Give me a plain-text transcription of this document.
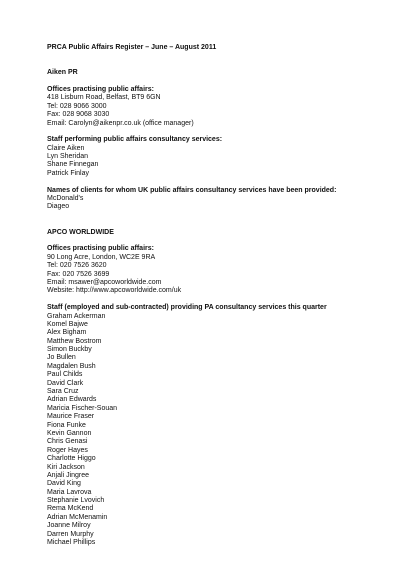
PRCA Public Affairs Register – June – August 2011
Aiken PR
Offices practising public affairs:
418 Lisburn Road, Belfast, BT9 6GN
Tel: 028 9066 3000
Fax: 028 9068 3030
Email: Carolyn@aikenpr.co.uk (office manager)
Staff performing public affairs consultancy services:
Claire Aiken
Lyn Sheridan
Shane Finnegan
Patrick Finlay
Names of clients for whom UK public affairs consultancy services have been provided:
McDonald's
Diageo
APCO WORLDWIDE
Offices practising public affairs:
90 Long Acre, London, WC2E 9RA
Tel: 020 7526 3620
Fax: 020 7526 3699
Email: msawer@apcoworldwide.com
Website: http://www.apcoworldwide.com/uk
Staff (employed and sub-contracted) providing PA consultancy services this quarter
Graham Ackerman
Komel Bajwe
Alex Bigham
Matthew Bostrom
Simon Buckby
Jo Bullen
Magdalen Bush
Paul Childs
David Clark
Sara Cruz
Adrian Edwards
Maricia Fischer-Souan
Maurice Fraser
Fiona Funke
Kevin Gannon
Chris Genasi
Roger Hayes
Charlotte Higgo
Kiri Jackson
Anjali Jingree
David King
Maria Lavrova
Stephanie Lvovich
Rema McKend
Adrian McMenamin
Joanne Milroy
Darren Murphy
Michael Phillips
